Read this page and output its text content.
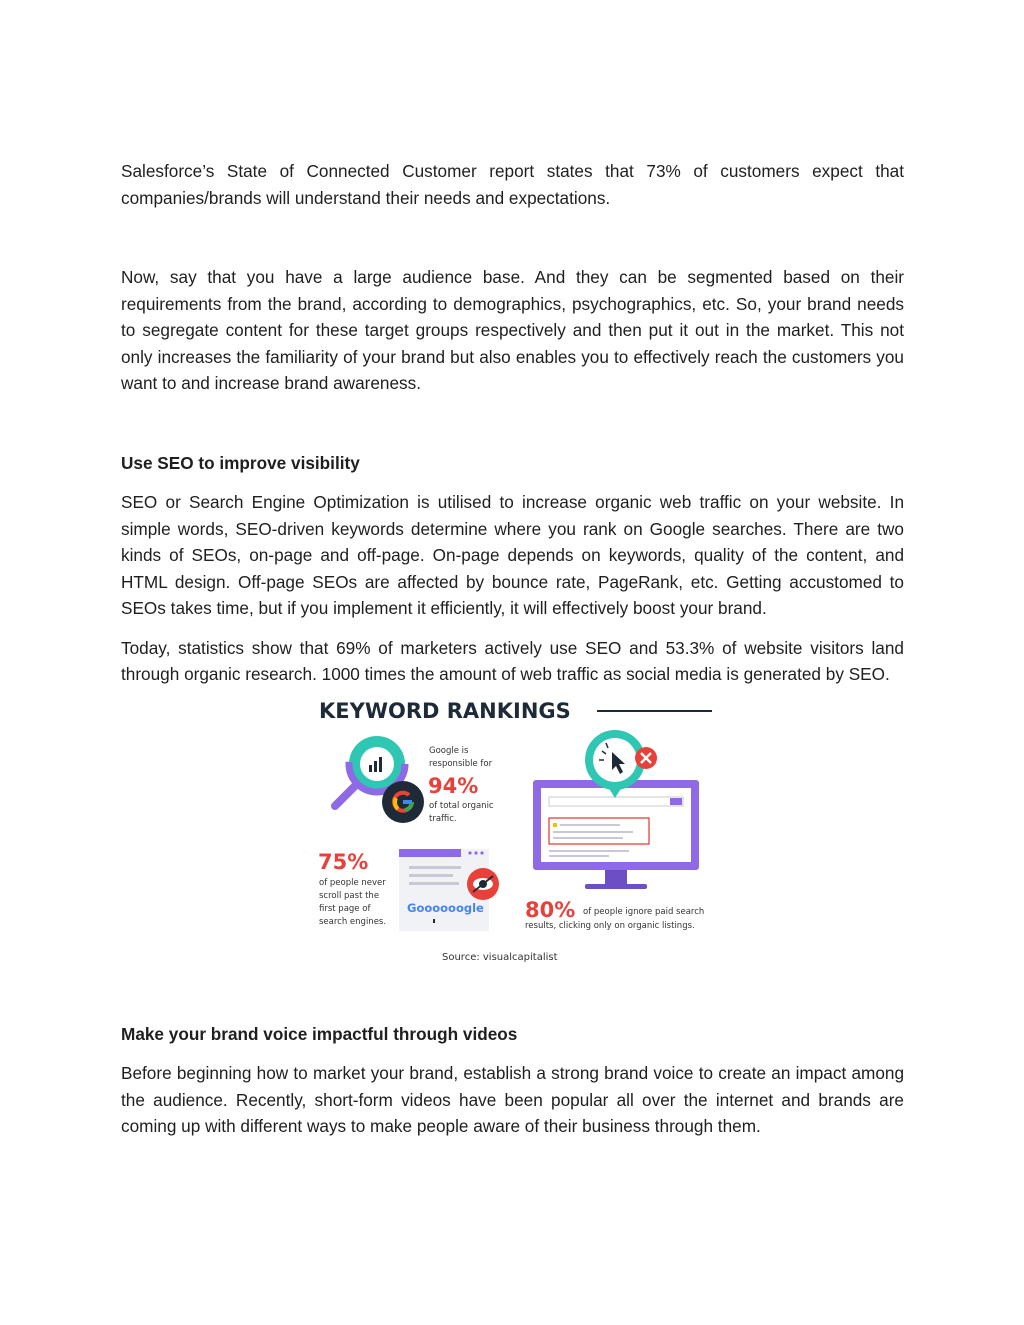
Salesforce’s State of Connected Customer report states that 73% of customers expect that companies/brands will understand their needs and expectations.

Now, say that you have a large audience base. And they can be segmented based on their requirements from the brand, according to demographics, psychographics, etc. So, your brand needs to segregate content for these target groups respectively and then put it out in the market. This not only increases the familiarity of your brand but also enables you to effectively reach the customers you want to and increase brand awareness.

Use SEO to improve visibility

SEO or Search Engine Optimization is utilised to increase organic web traffic on your website. In simple words, SEO-driven keywords determine where you rank on Google searches. There are two kinds of SEOs, on-page and off-page. On-page depends on keywords, quality of the content, and HTML design. Off-page SEOs are affected by bounce rate, PageRank, etc. Getting accustomed to SEOs takes time, but if you implement it efficiently, it will effectively boost your brand.

Today, statistics show that 69% of marketers actively use SEO and 53.3% of website visitors land through organic research. 1000 times the amount of web traffic as social media is generated by SEO.

KEYWORD RANKINGS
Google is
responsible for
94%
of total organic
traffic.
75%
of people never
scroll past the
first page of
search engines.
Goooooogle 80% of people ignore paid search
results, clicking only on organic listings.
Source: visualcapitalist
Make your brand voice impactful through videos

Before beginning how to market your brand, establish a strong brand voice to create an impact among the audience. Recently, short-form videos have been popular all over the internet and brands are coming up with different ways to make people aware of their business through them.
